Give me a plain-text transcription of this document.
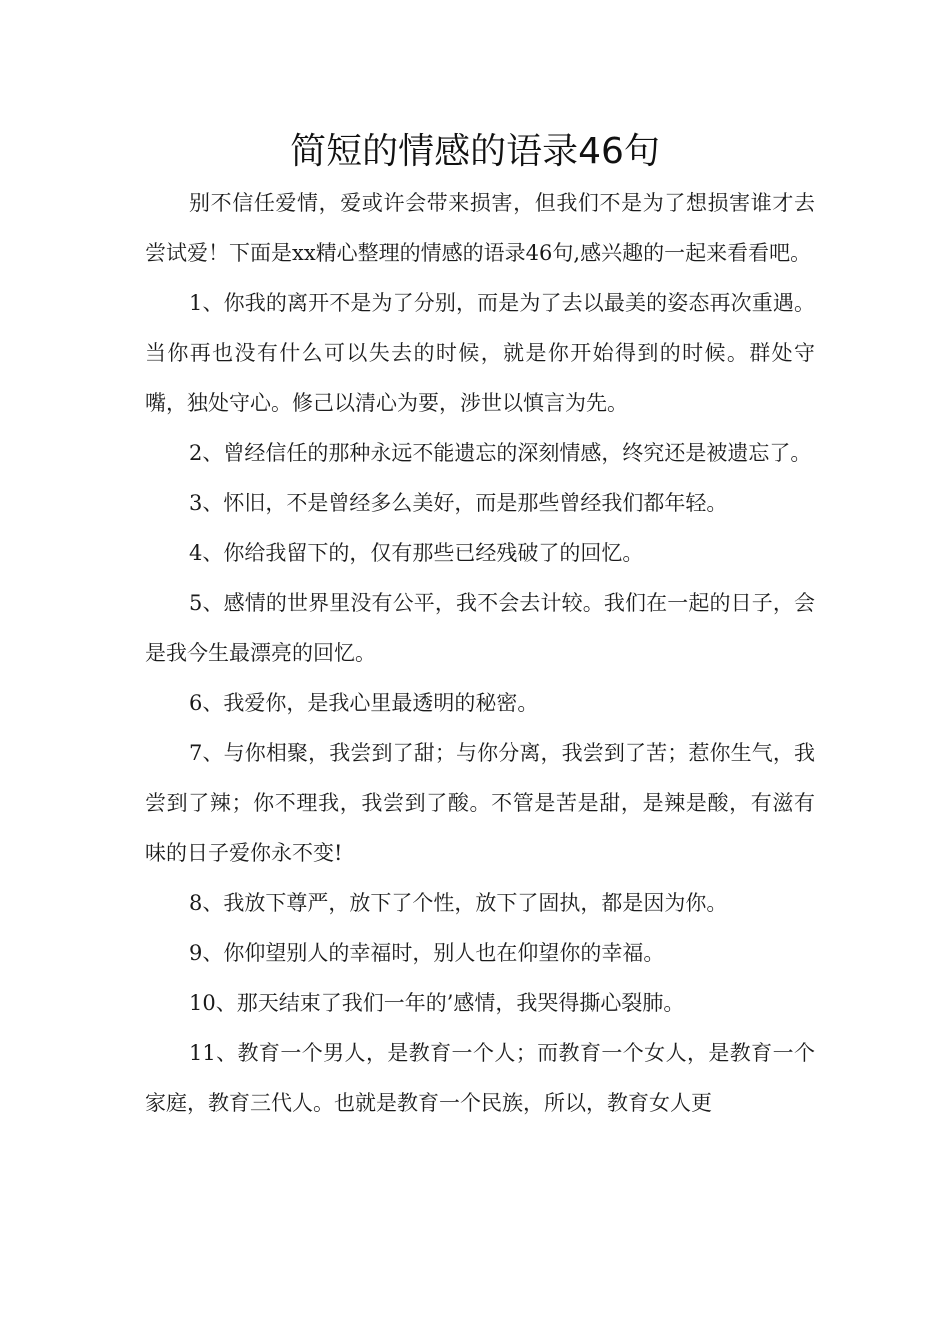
简短的情感的语录46句

别不信任爱情，爱或许会带来损害，但我们不是为了想损害谁才去尝试爱！下面是xx精心整理的情感的语录46句,感兴趣的一起来看看吧。

1、你我的离开不是为了分别，而是为了去以最美的姿态再次重遇。当你再也没有什么可以失去的时候，就是你开始得到的时候。群处守嘴，独处守心。修己以清心为要，涉世以慎言为先。

2、曾经信任的那种永远不能遗忘的深刻情感，终究还是被遗忘了。

3、怀旧，不是曾经多么美好，而是那些曾经我们都年轻。

4、你给我留下的，仅有那些已经残破了的回忆。

5、感情的世界里没有公平，我不会去计较。我们在一起的日子，会是我今生最漂亮的回忆。

6、我爱你，是我心里最透明的秘密。

7、与你相聚，我尝到了甜；与你分离，我尝到了苦；惹你生气，我尝到了辣；你不理我，我尝到了酸。不管是苦是甜，是辣是酸，有滋有味的日子爱你永不变!

8、我放下尊严，放下了个性，放下了固执，都是因为你。

9、你仰望别人的幸福时，别人也在仰望你的幸福。

10、那天结束了我们一年的’感情，我哭得撕心裂肺。

11、教育一个男人，是教育一个人；而教育一个女人，是教育一个家庭，教育三代人。也就是教育一个民族，所以，教育女人更
